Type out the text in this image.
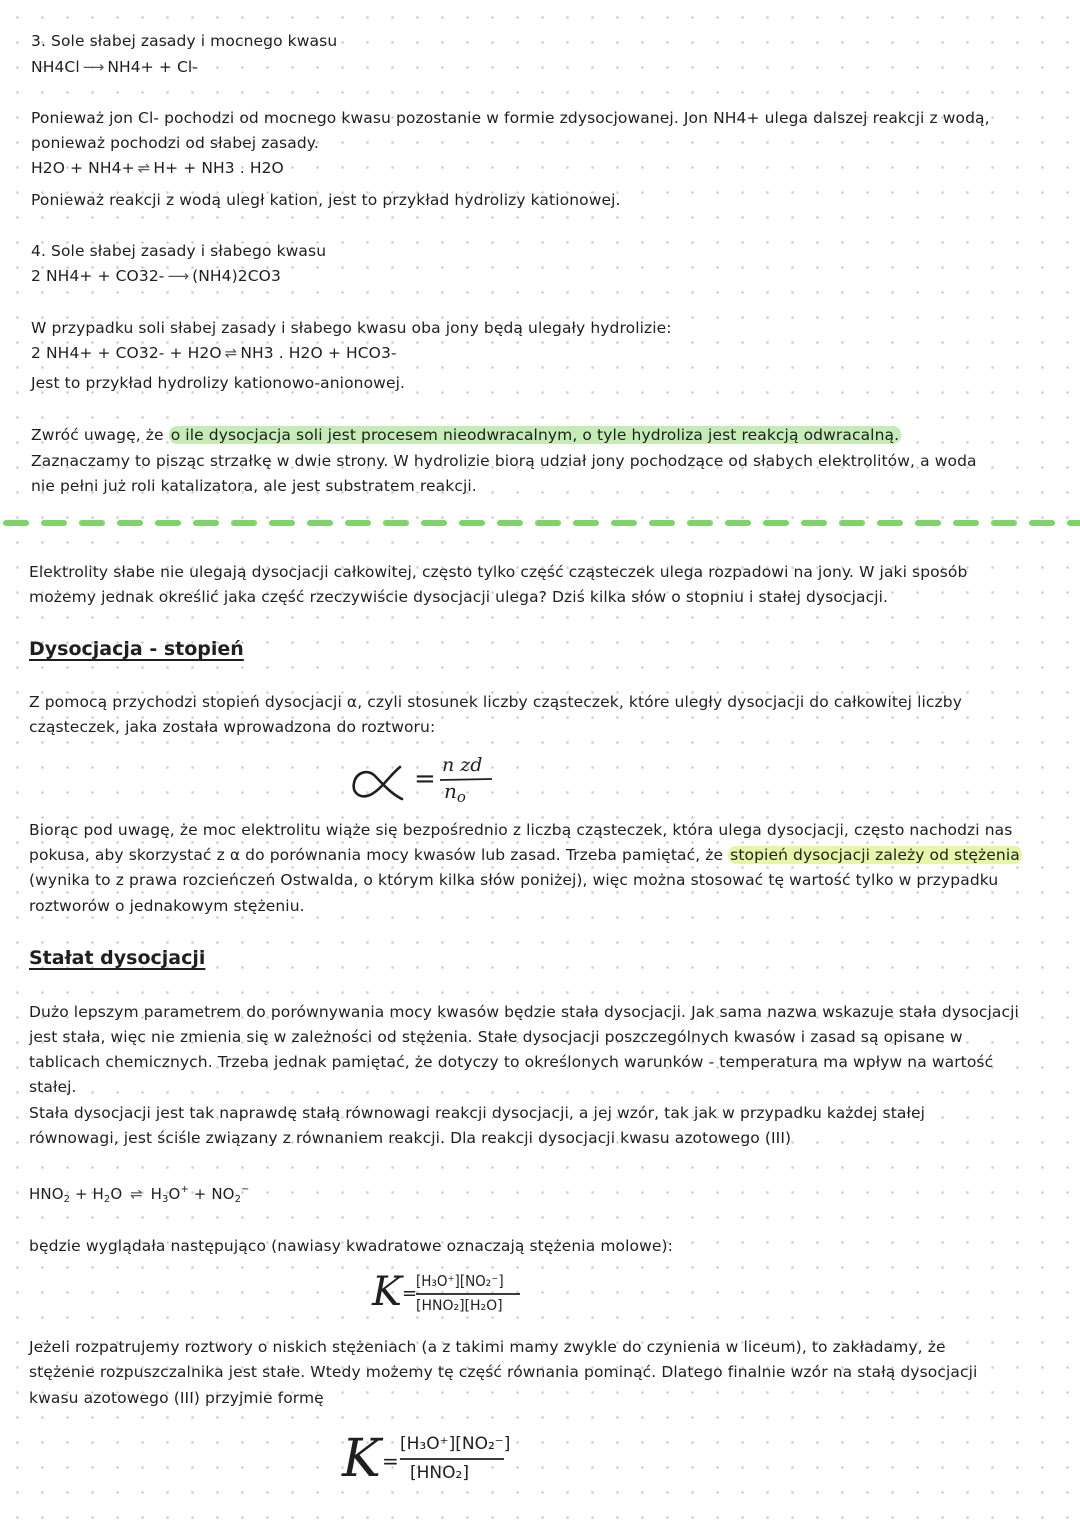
3. Sole słabej zasady i mocnego kwasu
NH4Cl ⟶ NH4+ + Cl-
Ponieważ jon Cl- pochodzi od mocnego kwasu pozostanie w formie zdysocjowanej. Jon NH4+ ulega dalszej reakcji z wodą,
ponieważ pochodzi od słabej zasady.
H2O + NH4+ ⇌ H+ + NH3 . H2O
Ponieważ reakcji z wodą uległ kation, jest to przykład hydrolizy kationowej.
4. Sole słabej zasady i słabego kwasu
2 NH4+ + CO32- ⟶ (NH4)2CO3
W przypadku soli słabej zasady i słabego kwasu oba jony będą ulegały hydrolizie:
2 NH4+ + CO32- + H2O ⇌ NH3 . H2O + HCO3-
Jest to przykład hydrolizy kationowo-anionowej.
Zwróć uwagę, że o ile dysocjacja soli jest procesem nieodwracalnym, o tyle hydroliza jest reakcją odwracalną.
Zaznaczamy to pisząc strzałkę w dwie strony. W hydrolizie biorą udział jony pochodzące od słabych elektrolitów, a woda
nie pełni już roli katalizatora, ale jest substratem reakcji.
Elektrolity słabe nie ulegają dysocjacji całkowitej, często tylko część cząsteczek ulega rozpadowi na jony. W jaki sposób
możemy jednak określić jaka część rzeczywiście dysocjacji ulega? Dziś kilka słów o stopniu i stałej dysocjacji.
Dysocjacja - stopień
Z pomocą przychodzi stopień dysocjacji α, czyli stosunek liczby cząsteczek, które uległy dysocjacji do całkowitej liczby
cząsteczek, jaka została wprowadzona do roztworu:
= n zd
$n_o$
Biorąc pod uwagę, że moc elektrolitu wiąże się bezpośrednio z liczbą cząsteczek, która ulega dysocjacji, często nachodzi nas
pokusa, aby skorzystać z α do porównania mocy kwasów lub zasad. Trzeba pamiętać, że stopień dysocjacji zależy od stężenia
(wynika to z prawa rozcieńczeń Ostwalda, o którym kilka słów poniżej), więc można stosować tę wartość tylko w przypadku
roztworów o jednakowym stężeniu.
Stałat dysocjacji
Dużo lepszym parametrem do porównywania mocy kwasów będzie stała dysocjacji. Jak sama nazwa wskazuje stała dysocjacji
jest stała, więc nie zmienia się w zależności od stężenia. Stałe dysocjacji poszczególnych kwasów i zasad są opisane w
tablicach chemicznych. Trzeba jednak pamiętać, że dotyczy to określonych warunków - temperatura ma wpływ na wartość
stałej.
Stała dysocjacji jest tak naprawdę stałą równowagi reakcji dysocjacji, a jej wzór, tak jak w przypadku każdej stałej
równowagi, jest ściśle związany z równaniem reakcji. Dla reakcji dysocjacji kwasu azotowego (III)
$HNO_2 + H_2O$ ⇌ $H_3O^+ + NO_2^-$
będzie wyglądała następująco (nawiasy kwadratowe oznaczają stężenia molowe):
K =
[H₃O⁺][NO₂⁻]
[HNO₂][H₂O]
Jeżeli rozpatrujemy roztwory o niskich stężeniach (a z takimi mamy zwykle do czynienia w liceum), to zakładamy, że
stężenie rozpuszczalnika jest stałe. Wtedy możemy tę część równania pominąć. Dlatego finalnie wzór na stałą dysocjacji
kwasu azotowego (III) przyjmie formę
K =
[H₃O⁺][NO₂⁻]
[HNO₂]
